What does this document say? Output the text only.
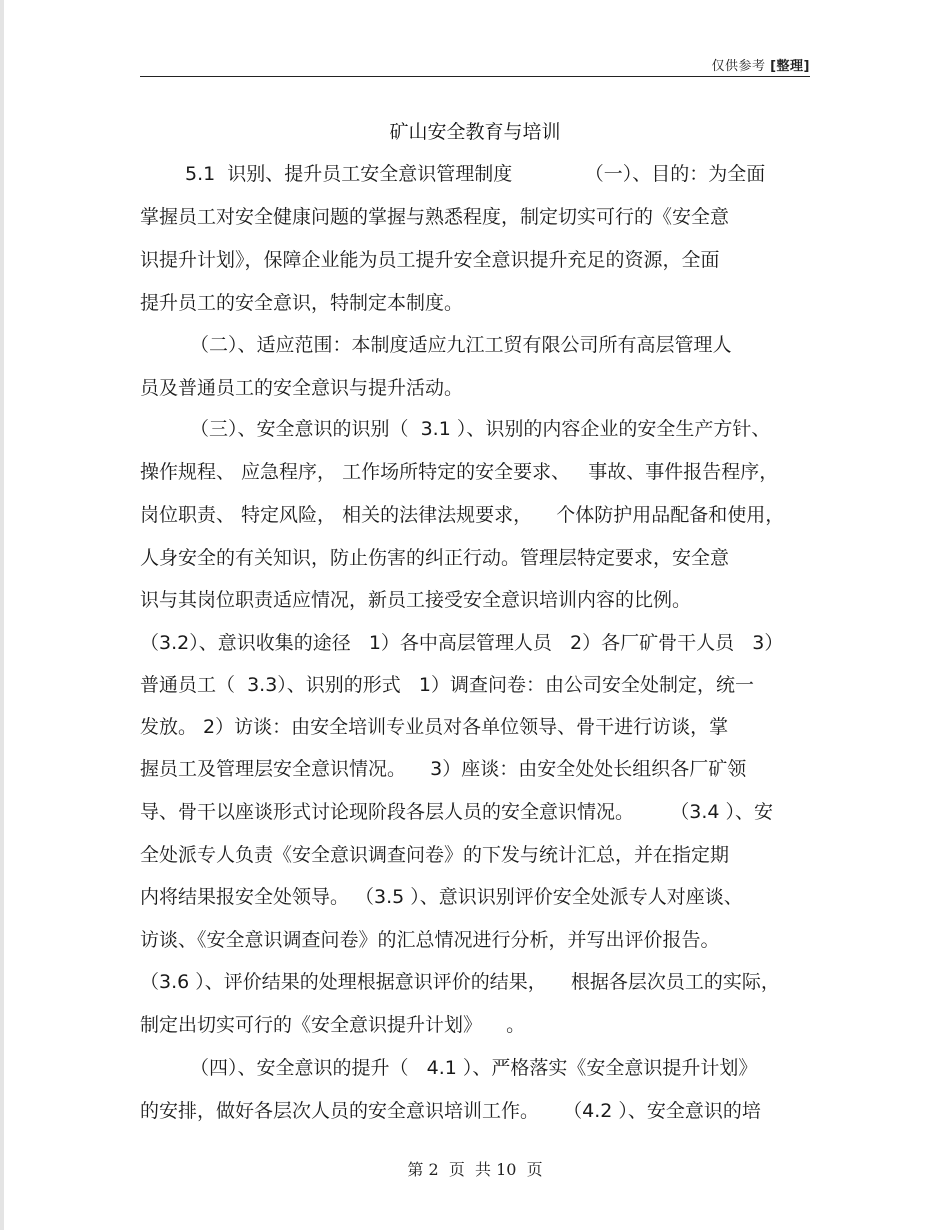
仅供参考 [整理]
矿山安全教育与培训
5.1  识别、提升员工安全意识管理制度            （一）、目的：为全面
掌握员工对安全健康问题的掌握与熟悉程度，制定切实可行的《安全意
识提升计划》，保障企业能为员工提升安全意识提升充足的资源，全面
提升员工的安全意识，特制定本制度。
（二）、适应范围：本制度适应九江工贸有限公司所有高层管理人
员及普通员工的安全意识与提升活动。
（三）、安全意识的识别（  3.1 ）、识别的内容企业的安全生产方针、
操作规程、 应急程序， 工作场所特定的安全要求、   事故、事件报告程序，
岗位职责、 特定风险， 相关的法律法规要求，    个体防护用品配备和使用，
人身安全的有关知识，防止伤害的纠正行动。管理层特定要求，安全意
识与其岗位职责适应情况，新员工接受安全意识培训内容的比例。
（3.2）、意识收集的途径   1）各中高层管理人员   2）各厂矿骨干人员   3）
普通员工（  3.3）、识别的形式   1）调查问卷：由公司安全处制定，统一
发放。 2）访谈：由安全培训专业员对各单位领导、骨干进行访谈，掌
握员工及管理层安全意识情况。    3）座谈：由安全处处长组织各厂矿领
导、骨干以座谈形式讨论现阶段各层人员的安全意识情况。      （3.4 ）、安
全处派专人负责《安全意识调查问卷》的下发与统计汇总，并在指定期
内将结果报安全处领导。 （3.5 ）、意识识别评价安全处派专人对座谈、
访谈、《安全意识调查问卷》的汇总情况进行分析，并写出评价报告。
（3.6 ）、评价结果的处理根据意识评价的结果，    根据各层次员工的实际，
制定出切实可行的《安全意识提升计划》    。
（四）、安全意识的提升（   4.1 ）、严格落实《安全意识提升计划》
的安排，做好各层次人员的安全意识培训工作。    （4.2 ）、安全意识的培
第 2  页  共 10  页
